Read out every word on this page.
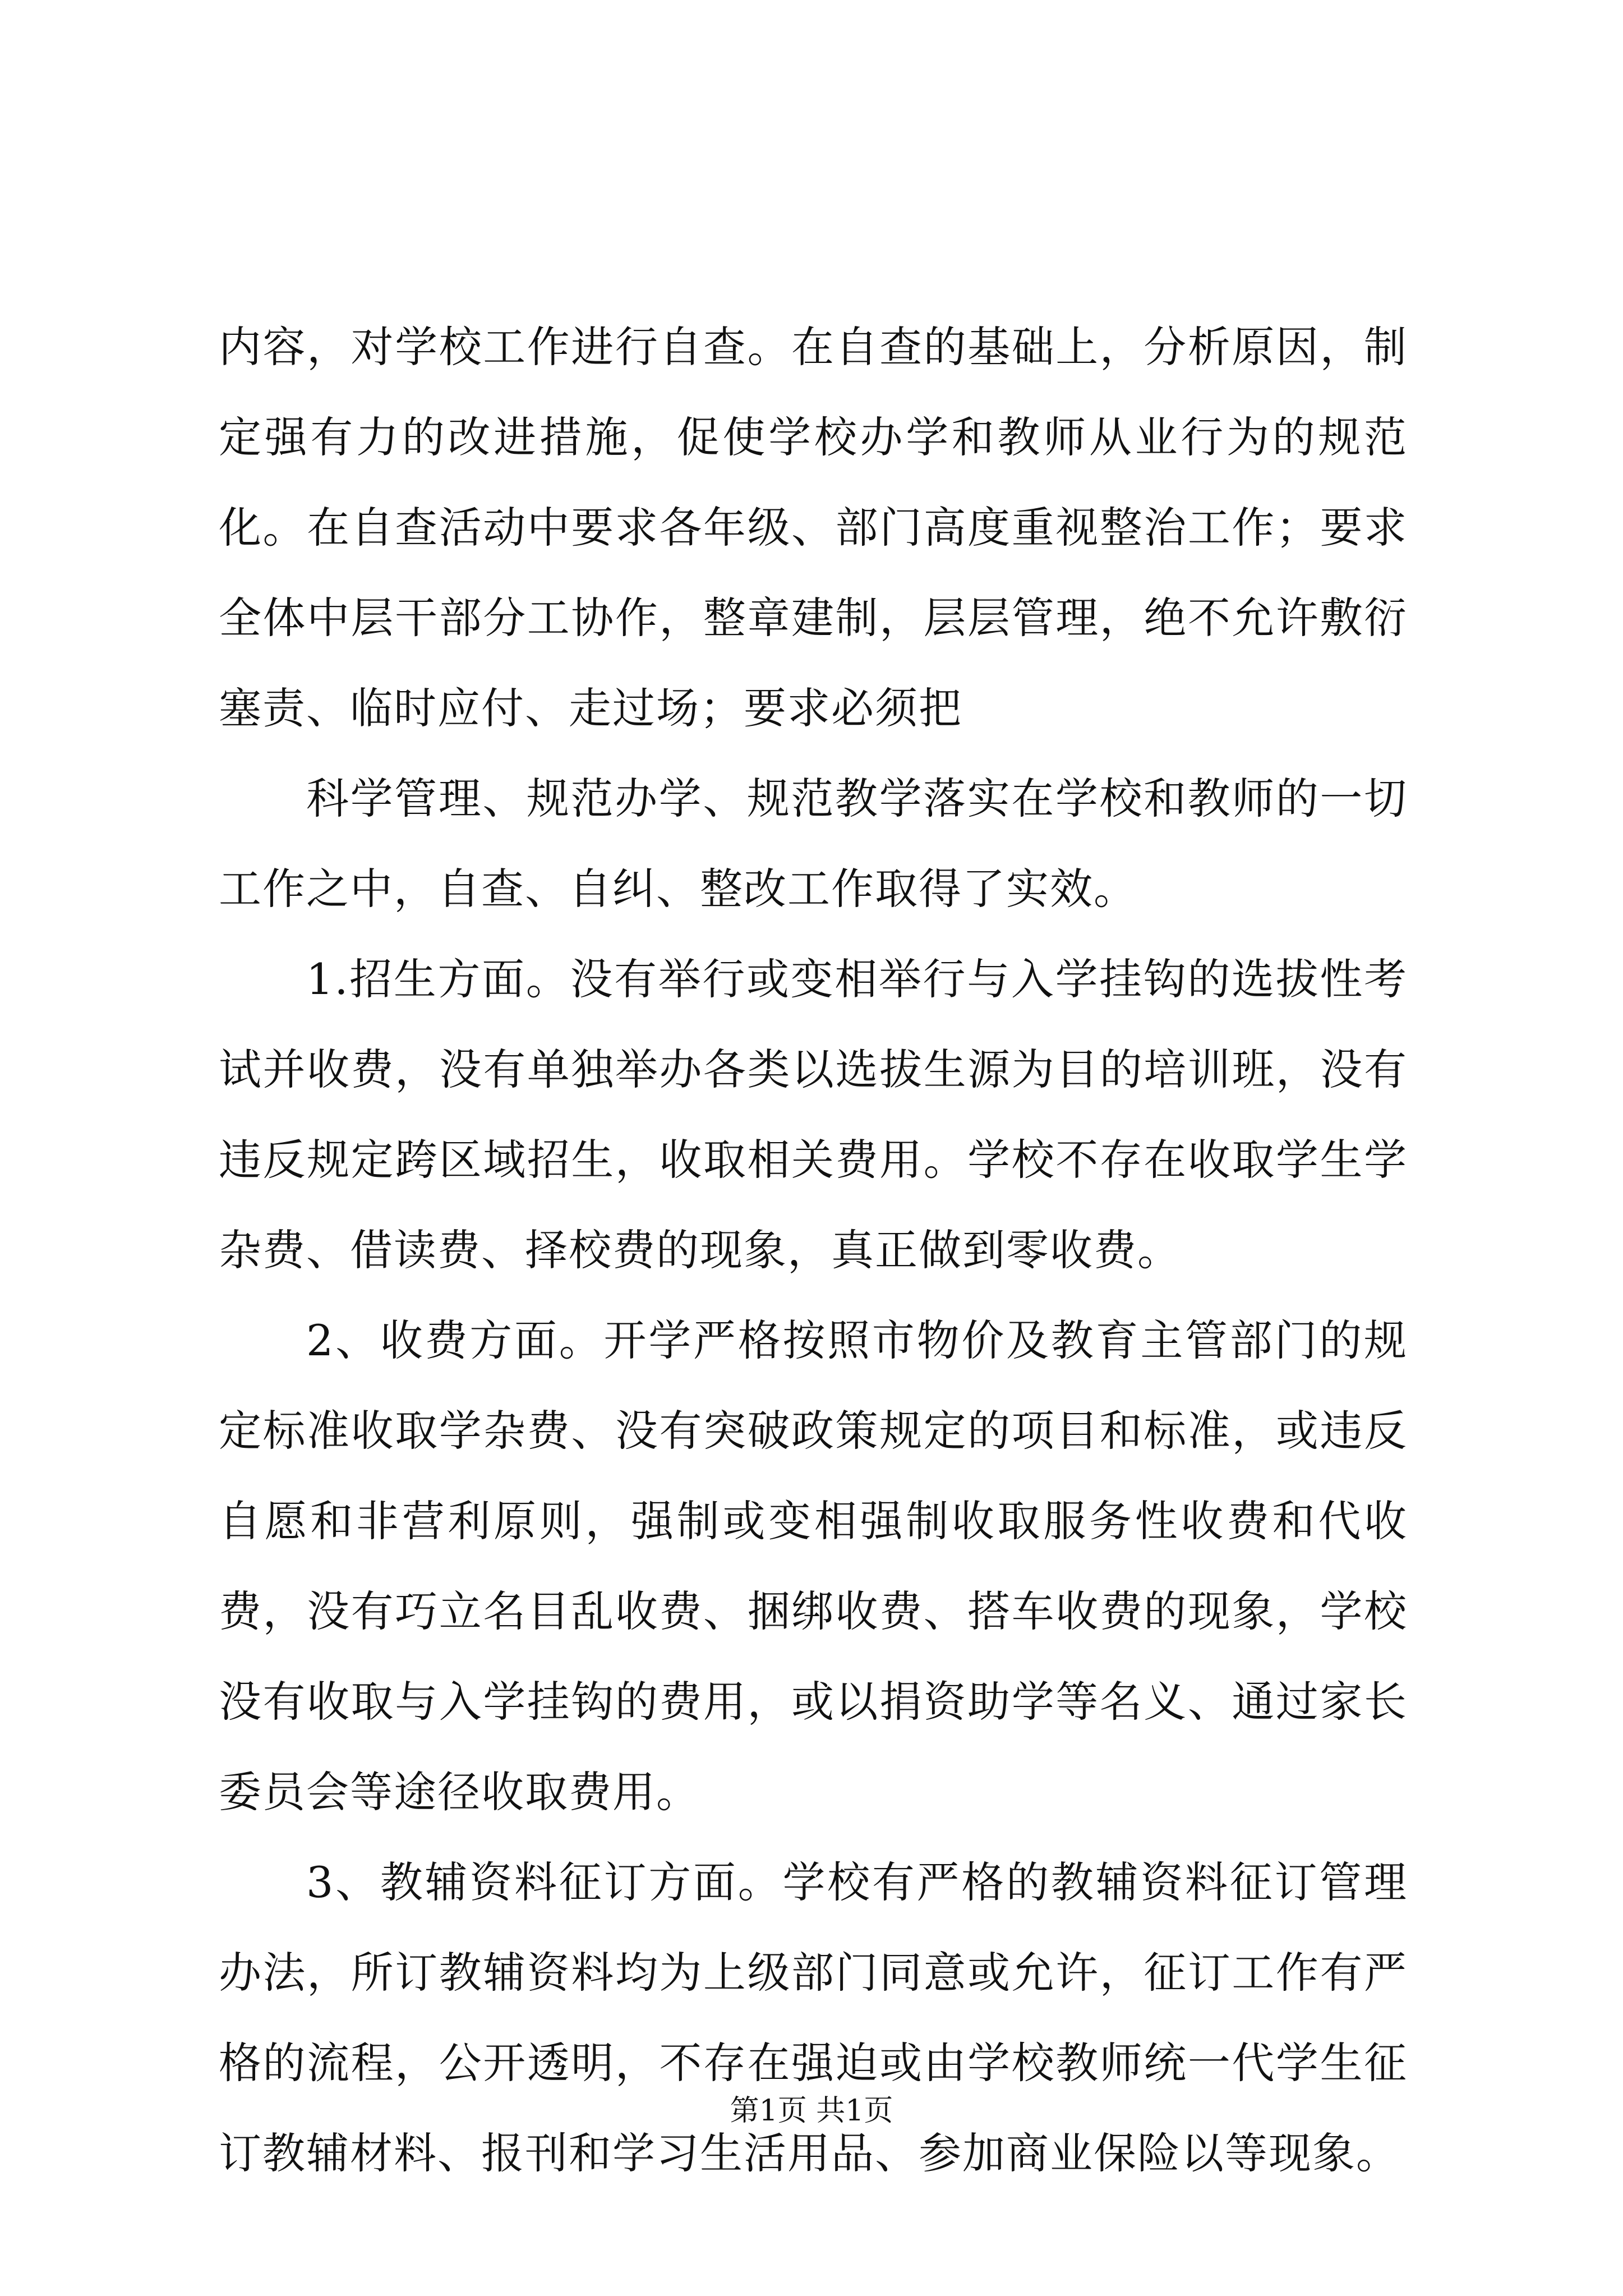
内容，对学校工作进行自查。在自查的基础上，分析原因，制定强有力的改进措施，促使学校办学和教师从业行为的规范化。在自查活动中要求各年级、部门高度重视整治工作；要求全体中层干部分工协作，整章建制，层层管理，绝不允许敷衍塞责、临时应付、走过场；要求必须把

科学管理、规范办学、规范教学落实在学校和教师的一切工作之中，自查、自纠、整改工作取得了实效。

1.招生方面。没有举行或变相举行与入学挂钩的选拔性考试并收费，没有单独举办各类以选拔生源为目的培训班，没有违反规定跨区域招生，收取相关费用。学校不存在收取学生学杂费、借读费、择校费的现象，真正做到零收费。

2、收费方面。开学严格按照市物价及教育主管部门的规定标准收取学杂费、没有突破政策规定的项目和标准，或违反自愿和非营利原则，强制或变相强制收取服务性收费和代收费，没有巧立名目乱收费、捆绑收费、搭车收费的现象，学校没有收取与入学挂钩的费用，或以捐资助学等名义、通过家长委员会等途径收取费用。

3、教辅资料征订方面。学校有严格的教辅资料征订管理办法，所订教辅资料均为上级部门同意或允许，征订工作有严格的流程，公开透明，不存在强迫或由学校教师统一代学生征订教辅材料、报刊和学习生活用品、参加商业保险以等现象。

第1页 共1页
